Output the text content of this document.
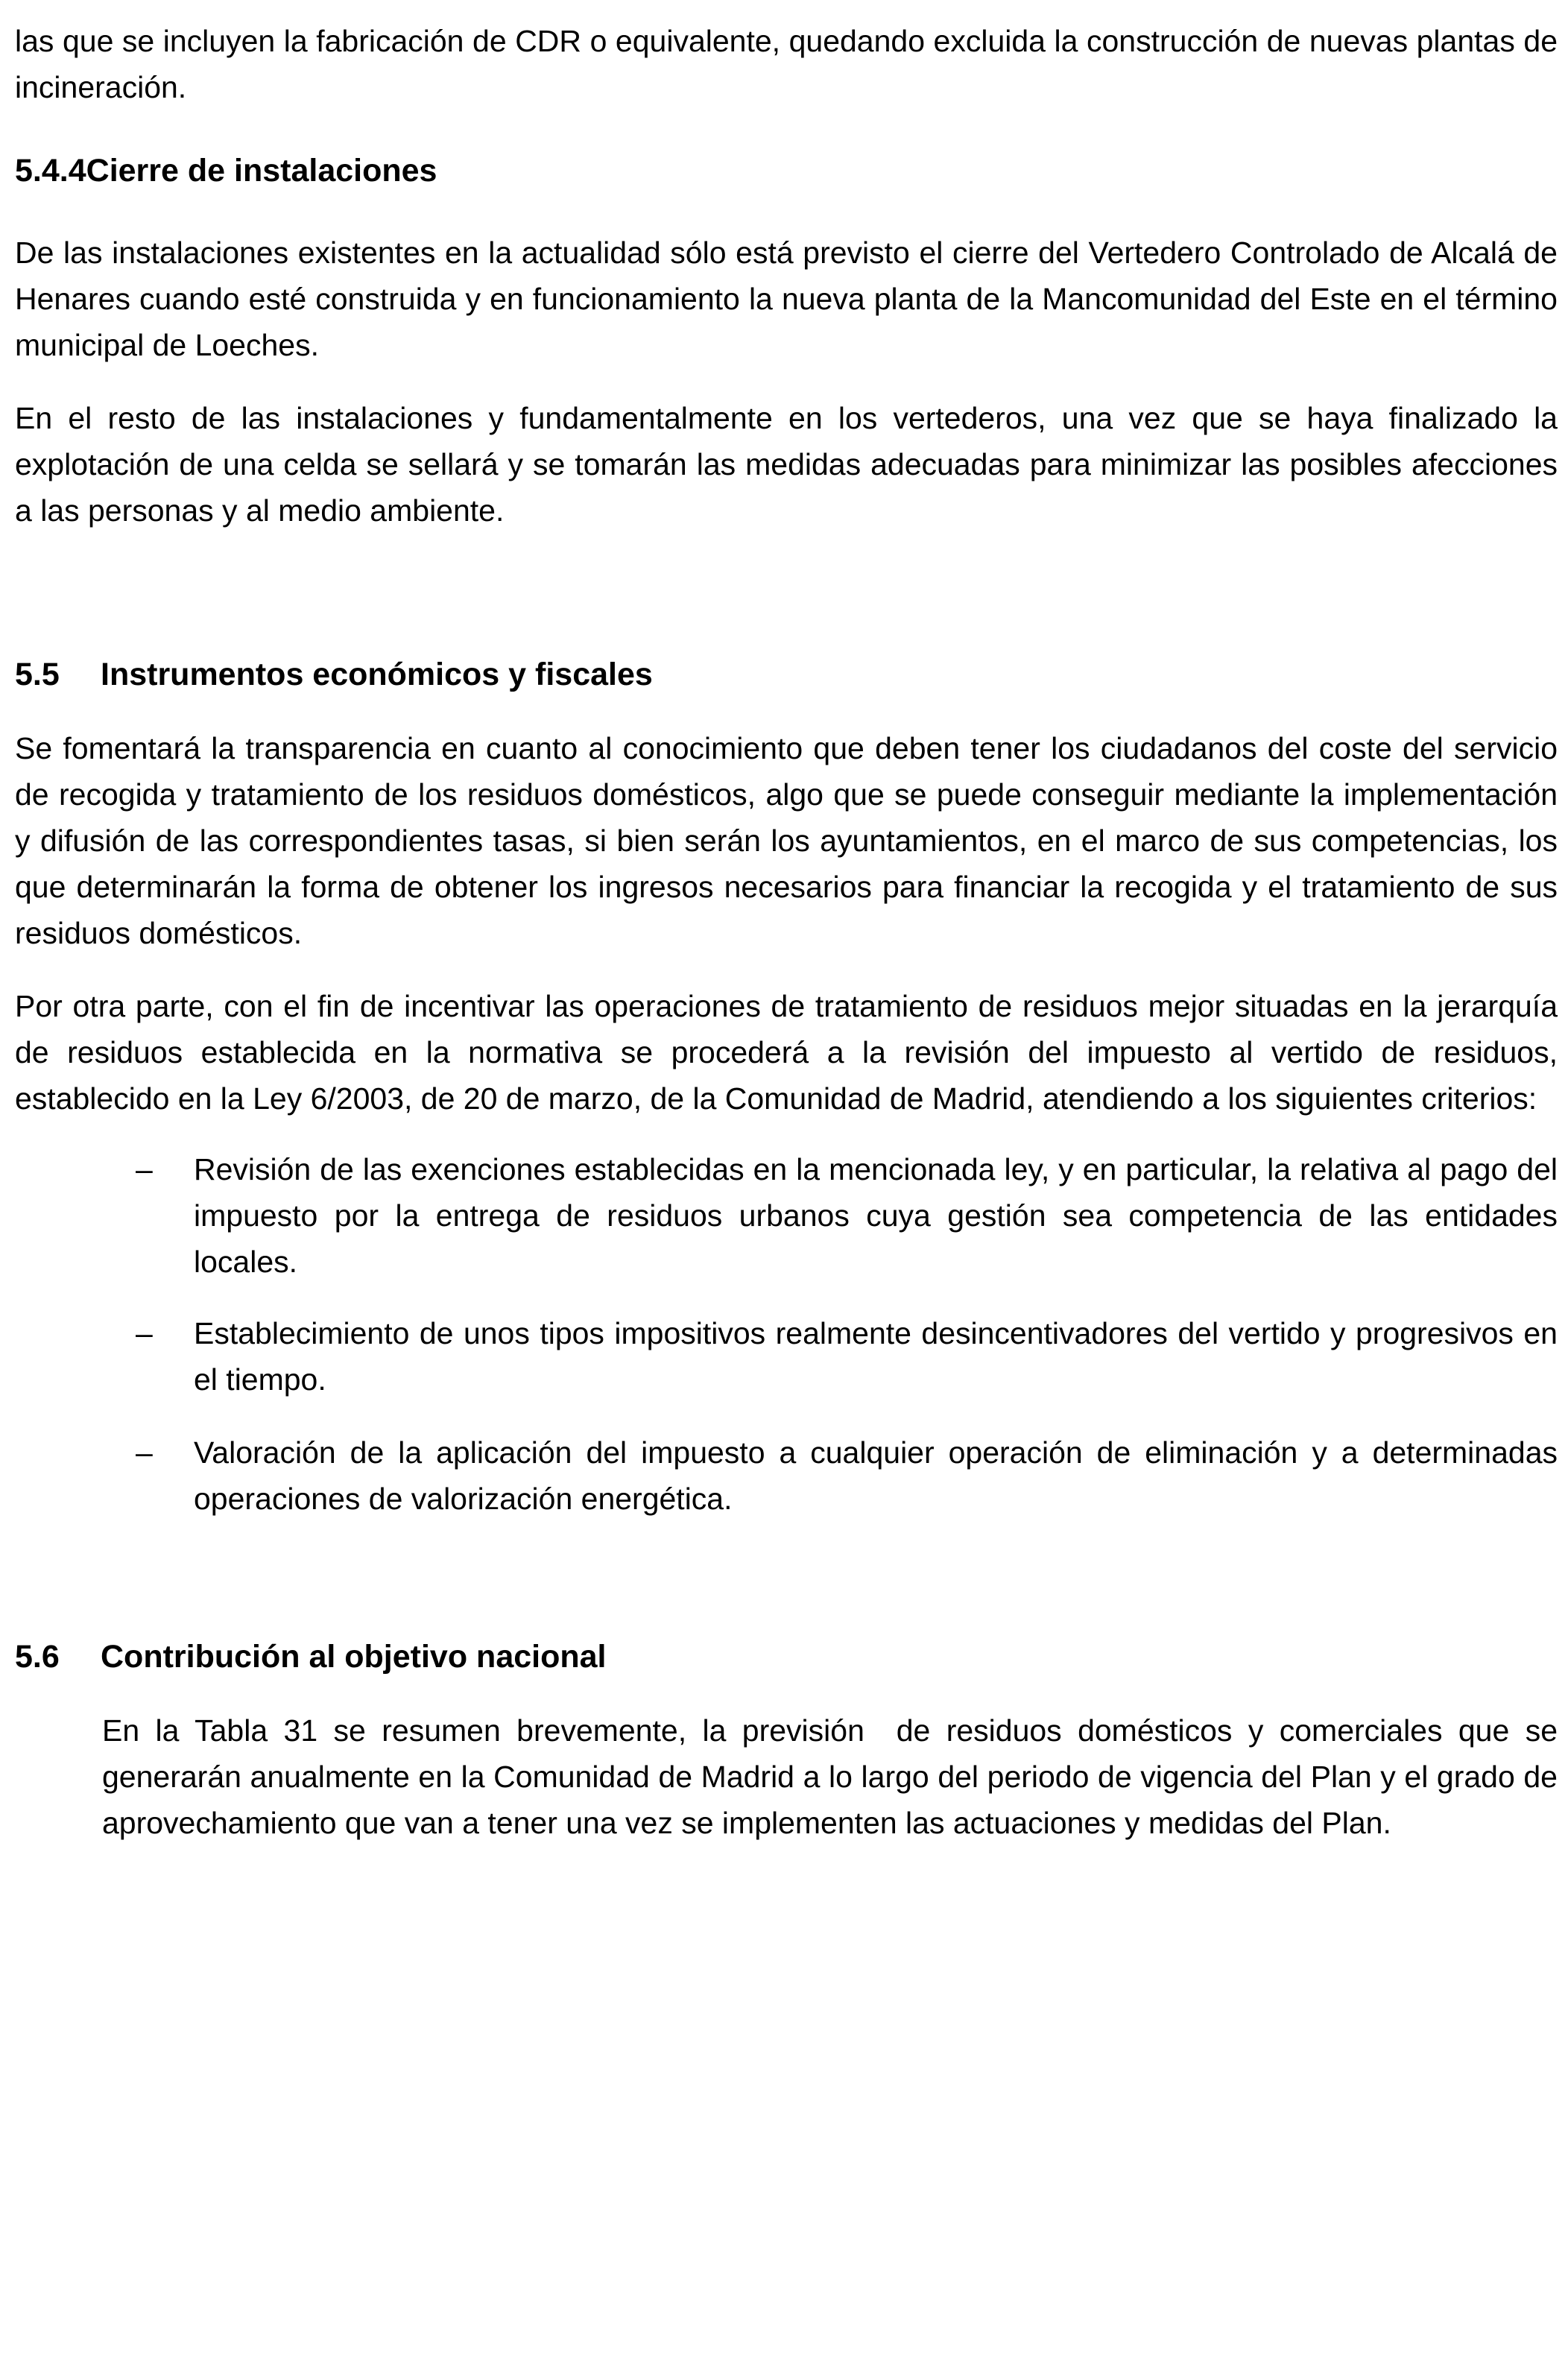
las que se incluyen la fabricación de CDR o equivalente, quedando excluida la construcción de nuevas plantas de incineración.

5.4.4Cierre de instalaciones

De las instalaciones existentes en la actualidad sólo está previsto el cierre del Vertedero Controlado de Alcalá de Henares cuando esté construida y en funcionamiento la nueva planta de la Mancomunidad del Este en el término municipal de Loeches.

En el resto de las instalaciones y fundamentalmente en los vertederos, una vez que se haya finalizado la explotación de una celda se sellará y se tomarán las medidas adecuadas para minimizar las posibles afecciones a las personas y al medio ambiente.

5.5 Instrumentos económicos y fiscales

Se fomentará la transparencia en cuanto al conocimiento que deben tener los ciudadanos del coste del servicio de recogida y tratamiento de los residuos domésticos, algo que se puede conseguir mediante la implementación y difusión de las correspondientes tasas, si bien serán los ayuntamientos, en el marco de sus competencias, los que determinarán la forma de obtener los ingresos necesarios para financiar la recogida y el tratamiento de sus residuos domésticos.

Por otra parte, con el fin de incentivar las operaciones de tratamiento de residuos mejor situadas en la jerarquía de residuos establecida en la normativa se procederá a la revisión del impuesto al vertido de residuos, establecido en la Ley 6/2003, de 20 de marzo, de la Comunidad de Madrid, atendiendo a los siguientes criterios:

–	Revisión de las exenciones establecidas en la mencionada ley, y en particular, la relativa al pago del impuesto por la entrega de residuos urbanos cuya gestión sea competencia de las entidades locales.
–	Establecimiento de unos tipos impositivos realmente desincentivadores del vertido y progresivos en el tiempo.
–	Valoración de la aplicación del impuesto a cualquier operación de eliminación y a determinadas operaciones de valorización energética.
5.6 Contribución al objetivo nacional

En la Tabla 31 se resumen brevemente, la previsión  de residuos domésticos y comerciales que se generarán anualmente en la Comunidad de Madrid a lo largo del periodo de vigencia del Plan y el grado de aprovechamiento que van a tener una vez se implementen las actuaciones y medidas del Plan.
